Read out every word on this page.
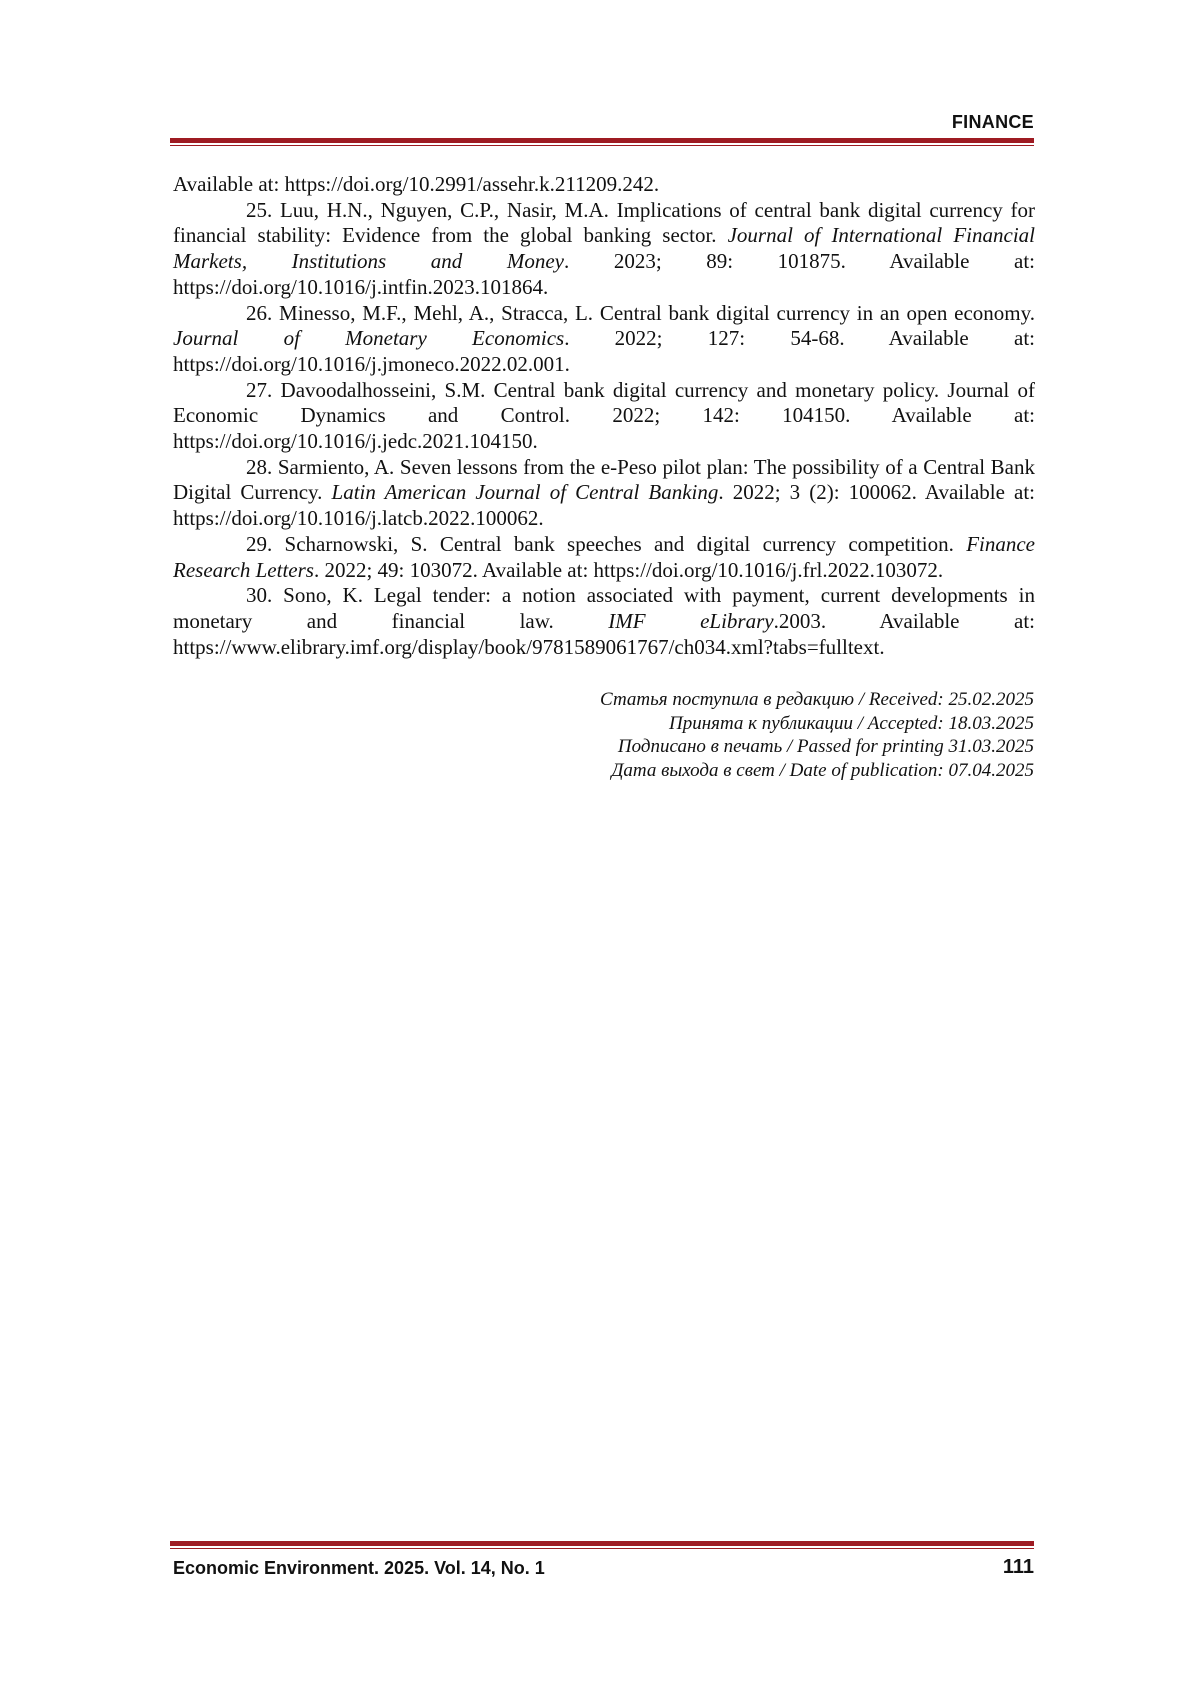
FINANCE

Available at: https://doi.org/10.2991/assehr.k.211209.242.

25. Luu, H.N., Nguyen, C.P., Nasir, M.A. Implications of central bank digital currency for financial stability: Evidence from the global banking sector. Journal of International Financial Markets, Institutions and Money. 2023; 89: 101875. Available at: https://doi.org/10.1016/j.intfin.2023.101864.

26. Minesso, M.F., Mehl, A., Stracca, L. Central bank digital currency in an open economy. Journal of Monetary Economics. 2022; 127: 54-68. Available at: https://doi.org/10.1016/j.jmoneco.2022.02.001.

27. Davoodalhosseini, S.M. Central bank digital currency and monetary policy. Journal of Economic Dynamics and Control. 2022; 142: 104150. Available at: https://doi.org/10.1016/j.jedc.2021.104150.

28. Sarmiento, A. Seven lessons from the e-Peso pilot plan: The possibility of a Central Bank Digital Currency. Latin American Journal of Central Banking. 2022; 3 (2): 100062. Available at: https://doi.org/10.1016/j.latcb.2022.100062.

29. Scharnowski, S. Central bank speeches and digital currency competition. Finance Research Letters. 2022; 49: 103072. Available at: https://doi.org/10.1016/j.frl.2022.103072.

30. Sono, K. Legal tender: a notion associated with payment, current developments in monetary and financial law. IMF eLibrary.2003. Available at: https://www.elibrary.imf.org/display/book/9781589061767/ch034.xml?tabs=fulltext.

Статья поступила в редакцию / Received: 25.02.2025
Принята к публикации / Accepted: 18.03.2025
Подписано в печать / Passed for printing 31.03.2025
Дата выхода в свет / Date of publication: 07.04.2025
Economic Environment. 2025. Vol. 14, No. 1	111
